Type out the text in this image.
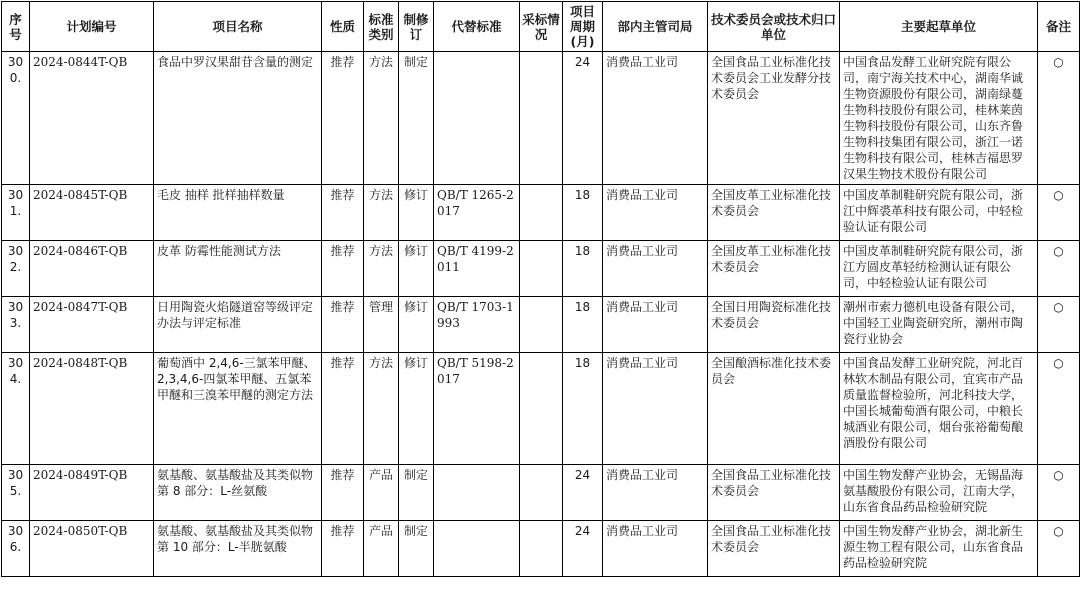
序号	计划编号	项目名称	性质	标准类别	制修订	代替标准	采标情况	项目周期(月)	部内主管司局	技术委员会或技术归口单位	主要起草单位	备注
300.	2024-0844T-QB	食品中罗汉果甜苷含量的测定	推荐	方法	制定			24	消费品工业司	全国食品工业标准化技术委员会工业发酵分技术委员会	中国食品发酵工业研究院有限公司，南宁海关技术中心，湖南华诚生物资源股份有限公司，湖南绿蔓生物科技股份有限公司，桂林莱茵生物科技股份有限公司，山东齐鲁生物科技集团有限公司，浙江一诺生物科技有限公司，桂林吉福思罗汉果生物技术股份有限公司	○
301.	2024-0845T-QB	毛皮 抽样 批样抽样数量	推荐	方法	修订	QB/T 1265-2017		18	消费品工业司	全国皮革工业标准化技术委员会	中国皮革制鞋研究院有限公司，浙江中辉裘革科技有限公司，中轻检验认证有限公司	○
302.	2024-0846T-QB	皮革 防霉性能测试方法	推荐	方法	修订	QB/T 4199-2011		18	消费品工业司	全国皮革工业标准化技术委员会	中国皮革制鞋研究院有限公司，浙江方圆皮革轻纺检测认证有限公司，中轻检验认证有限公司	○
303.	2024-0847T-QB	日用陶瓷火焰隧道窑等级评定办法与评定标准	推荐	管理	修订	QB/T 1703-1993		18	消费品工业司	全国日用陶瓷标准化技术委员会	潮州市索力德机电设备有限公司，中国轻工业陶瓷研究所，潮州市陶瓷行业协会	○
304.	2024-0848T-QB	葡萄酒中 2,4,6-三氯苯甲醚、2,3,4,6-四氯苯甲醚、五氯苯甲醚和三溴苯甲醚的测定方法	推荐	方法	修订	QB/T 5198-2017		18	消费品工业司	全国酿酒标准化技术委员会	中国食品发酵工业研究院，河北百林软木制品有限公司，宜宾市产品质量监督检验所，河北科技大学，中国长城葡萄酒有限公司，中粮长城酒业有限公司，烟台张裕葡萄酿酒股份有限公司	○
305.	2024-0849T-QB	氨基酸、氨基酸盐及其类似物 第 8 部分：L-丝氨酸	推荐	产品	制定			24	消费品工业司	全国食品工业标准化技术委员会	中国生物发酵产业协会，无锡晶海氨基酸股份有限公司，江南大学，山东省食品药品检验研究院	○
306.	2024-0850T-QB	氨基酸、氨基酸盐及其类似物 第 10 部分：L-半胱氨酸	推荐	产品	制定			24	消费品工业司	全国食品工业标准化技术委员会	中国生物发酵产业协会，湖北新生源生物工程有限公司，山东省食品药品检验研究院	○
